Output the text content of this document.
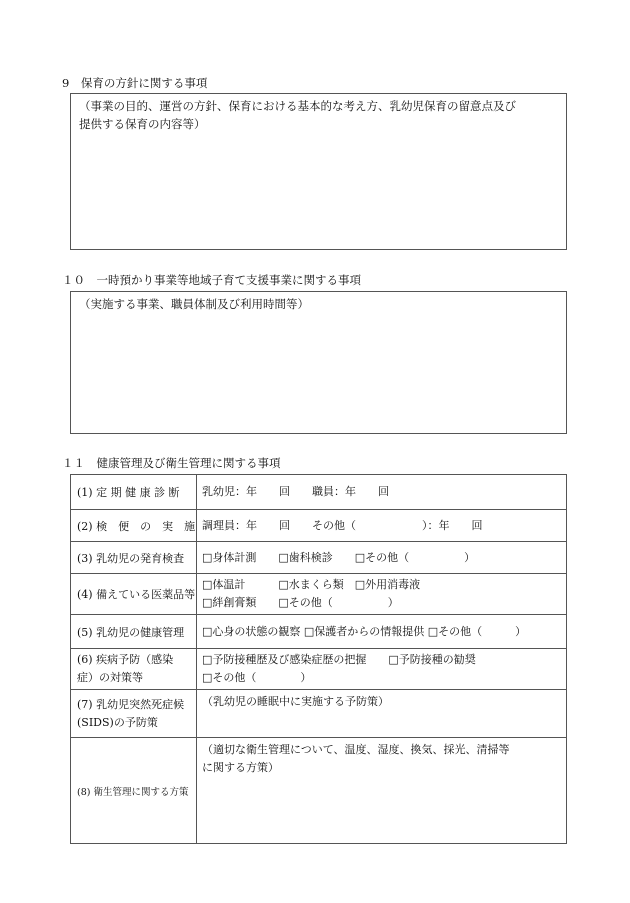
9　保育の方針に関する事項
（事業の目的、運営の方針、保育における基本的な考え方、乳幼児保育の留意点及び
提供する保育の内容等）
１０　一時預かり事業等地域子育て支援事業に関する事項
（実施する事業、職員体制及び利用時間等）
１１　健康管理及び衛生管理に関する事項
(1) 定 期 健 康 診 断	乳幼児：年　　回　　職員：年　　回

(2) 検　便　の　実　施	調理員：年　　回　　その他（　　　　　　）：年　　回

(3) 乳幼児の発育検査	□身体計測　　□歯科検診　　□その他（　　　　　）

(4) 備えている医薬品等	□体温計　　　□水まくら類　□外用消毒液
□絆創膏類　　□その他（　　　　　）

(5) 乳幼児の健康管理	□心身の状態の観察 □保護者からの情報提供 □その他（　　　）

(6) 疾病予防（感染
症）の対策等	□予防接種歴及び感染症歴の把握　　□予防接種の勧奨
□その他（　　　　）

(7) 乳幼児突然死症候
(SIDS)の予防策	（乳幼児の睡眠中に実施する予防策）

(8) 衛生管理に関する方策	（適切な衛生管理について、温度、湿度、換気、採光、清掃等
に関する方策）
